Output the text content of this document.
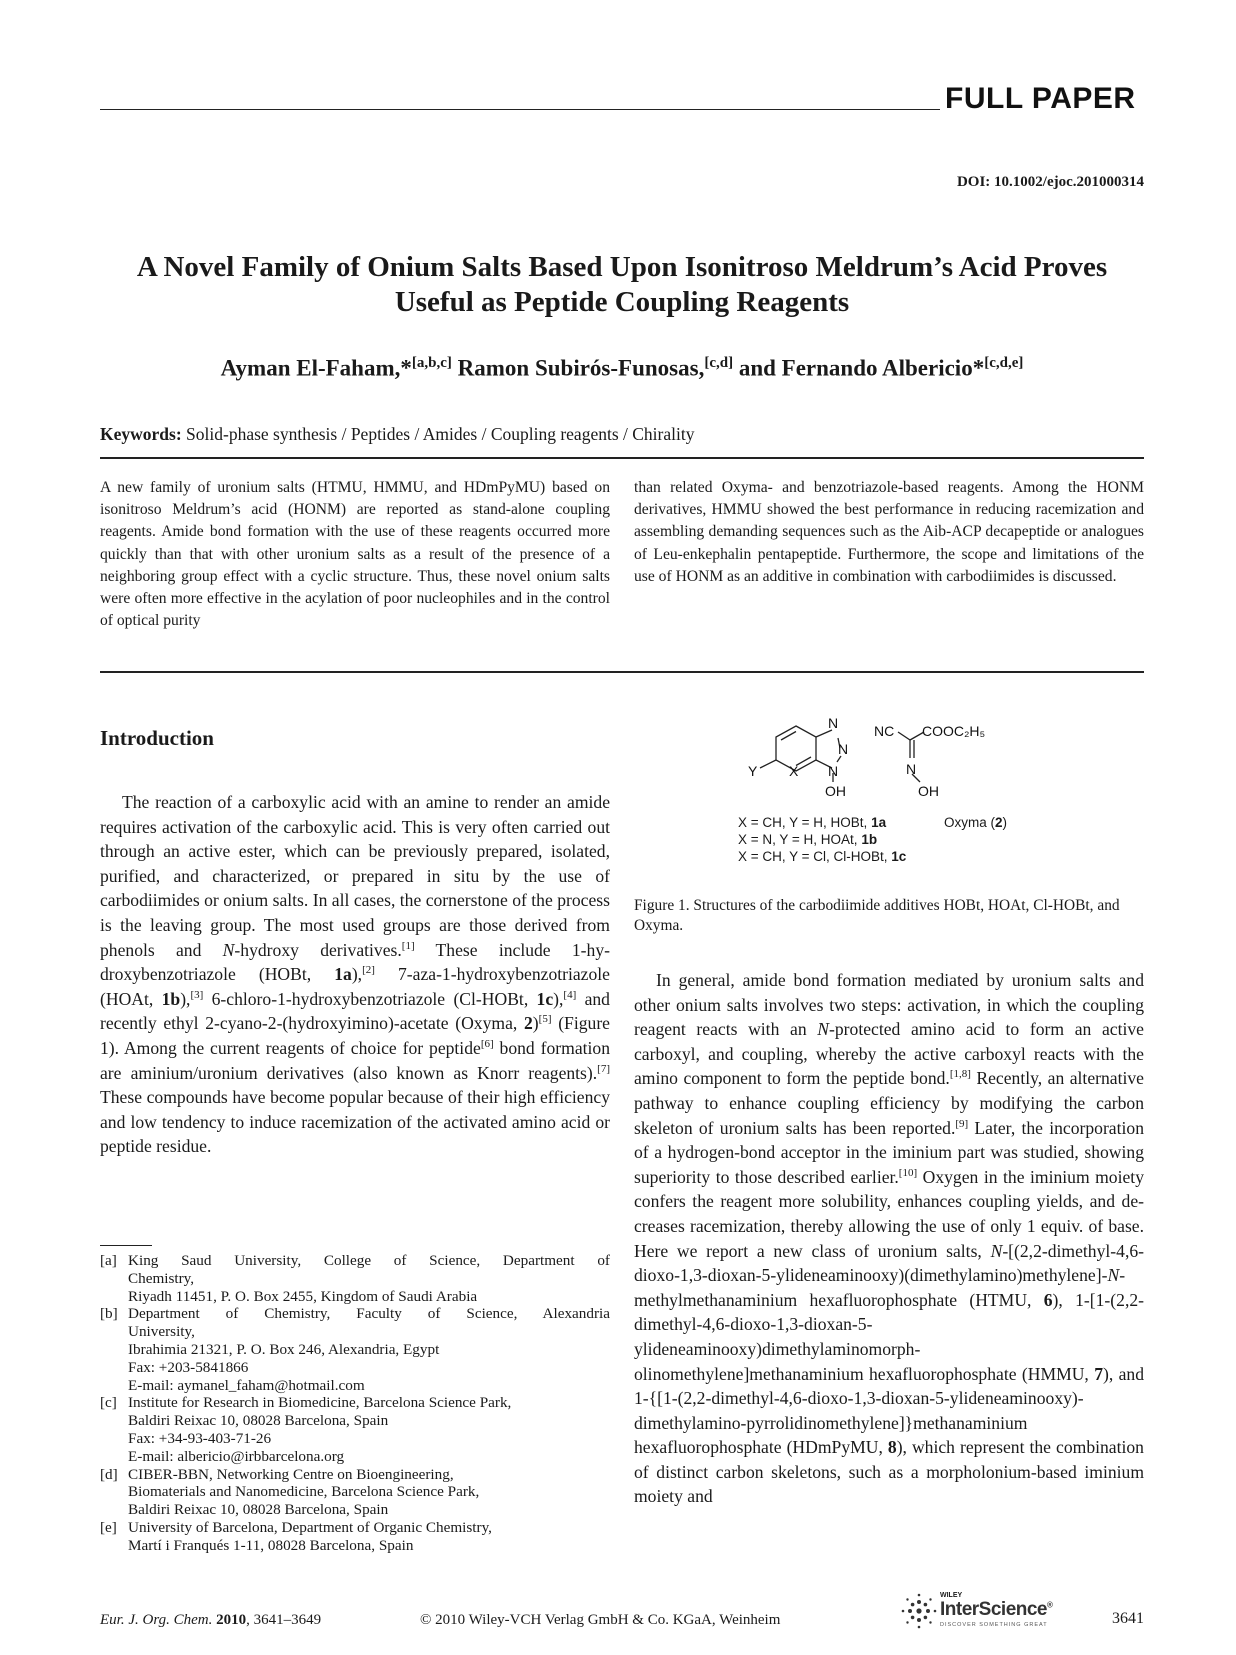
FULL PAPER
DOI: 10.1002/ejoc.201000314
A Novel Family of Onium Salts Based Upon Isonitroso Meldrum’s Acid Proves
Useful as Peptide Coupling Reagents
Ayman El-Faham,*[a,b,c] Ramon Subirós-Funosas,[c,d] and Fernando Albericio*[c,d,e]
Keywords: Solid-phase synthesis / Peptides / Amides / Coupling reagents / Chirality
A new family of uronium salts (HTMU, HMMU, and HDmPyMU) based on isonitroso Meldrum’s acid (HONM) are reported as stand-alone coupling reagents. Amide bond formation with the use of these reagents occurred more quickly than that with other uronium salts as a result of the presence of a neighboring group effect with a cyclic structure. Thus, these novel onium salts were often more effective in the acylation of poor nucleophiles and in the control of optical purity
than related Oxyma- and benzotriazole-based reagents. Among the HONM derivatives, HMMU showed the best performance in reducing racemization and assembling demanding sequences such as the Aib-ACP decapeptide or analogues of Leu-enkephalin pentapeptide. Furthermore, the scope and limitations of the use of HONM as an additive in combination with carbodiimides is discussed.
Introduction

The reaction of a carboxylic acid with an amine to render an amide requires activation of the carboxylic acid. This is very often carried out through an active ester, which can be previously prepared, isolated, purified, and characterized, or prepared in situ by the use of carbodiimides or onium salts. In all cases, the cornerstone of the process is the leaving group. The most used groups are those derived from phenols and N-hydroxy derivatives.[1] These include 1-hydroxybenzotriazole (HOBt, 1a),[2] 7-aza-1-hydroxybenzotriazole (HOAt, 1b),[3] 6-chloro-1-hydroxybenzotriazole (Cl-HOBt, 1c),[4] and recently ethyl 2-cyano-2-(hydroxyimino)-acetate (Oxyma, 2)[5] (Figure 1). Among the current reagents of choice for peptide[6] bond formation are aminium/uronium derivatives (also known as Knorr reagents).[7] These compounds have become popular because of their high efficiency and low tendency to induce racemization of the activated amino acid or peptide residue.

In general, amide bond formation mediated by uronium salts and other onium salts involves two steps: activation, in which the coupling reagent reacts with an N-protected amino acid to form an active carboxyl, and coupling, whereby the active carboxyl reacts with the amino component to form the peptide bond.[1,8] Recently, an alternative pathway to enhance coupling efficiency by modifying the carbon skeleton of uronium salts has been reported.[9] Later, the incorporation of a hydrogen-bond acceptor in the iminium part was studied, showing superiority to those described earlier.[10] Oxygen in the iminium moiety confers the reagent more solubility, enhances coupling yields, and decreases racemization, thereby allowing the use of only 1 equiv. of base. Here we report a new class of uronium salts, N-[(2,2-dimethyl-4,6-dioxo-1,3-dioxan-5-ylideneaminooxy)(dimethylamino)methylene]-N-methylmethanaminium hexafluorophosphate (HTMU, 6), 1-[1-(2,2-dimethyl-4,6-dioxo-1,3-dioxan-5-ylideneaminooxy)dimethylaminomorpholinomethylene]methanaminium hexafluorophosphate (HMMU, 7), and 1-{[1-(2,2-dimethyl-4,6-dioxo-1,3-dioxan-5-ylideneaminooxy)-dimethylamino-pyrrolidinomethylene]}methanaminium hexafluorophosphate (HDmPyMU, 8), which represent the combination of distinct carbon skeletons, such as a morpholonium-based iminium moiety and

[a] King Saud University, College of Science, Department of
Chemistry,
Riyadh 11451, P. O. Box 2455, Kingdom of Saudi Arabia
[b] Department of Chemistry, Faculty of Science, Alexandria
University,
Ibrahimia 21321, P. O. Box 246, Alexandria, Egypt
Fax: +203-5841866
E-mail: aymanel_faham@hotmail.com
[c] Institute for Research in Biomedicine, Barcelona Science Park,
Baldiri Reixac 10, 08028 Barcelona, Spain
Fax: +34-93-403-71-26
E-mail: albericio@irbbarcelona.org
[d] CIBER-BBN, Networking Centre on Bioengineering,
Biomaterials and Nanomedicine, Barcelona Science Park,
Baldiri Reixac 10, 08028 Barcelona, Spain
[e] University of Barcelona, Department of Organic Chemistry,
Martí i Franqués 1-11, 08028 Barcelona, Spain
N
N
N
OH
Y X
NC COOC₂H₅
N
OH
X = CH, Y = H, HOBt, 1a
X = N, Y = H, HOAt, 1b
X = CH, Y = Cl, Cl-HOBt, 1c
Oxyma (2)
Figure 1. Structures of the carbodiimide additives HOBt, HOAt, Cl-HOBt, and Oxyma.
Eur. J. Org. Chem. 2010, 3641–3649	© 2010 Wiley-VCH Verlag GmbH & Co. KGaA, Weinheim
WILEY
InterScience®
DISCOVER SOMETHING GREAT	3641
